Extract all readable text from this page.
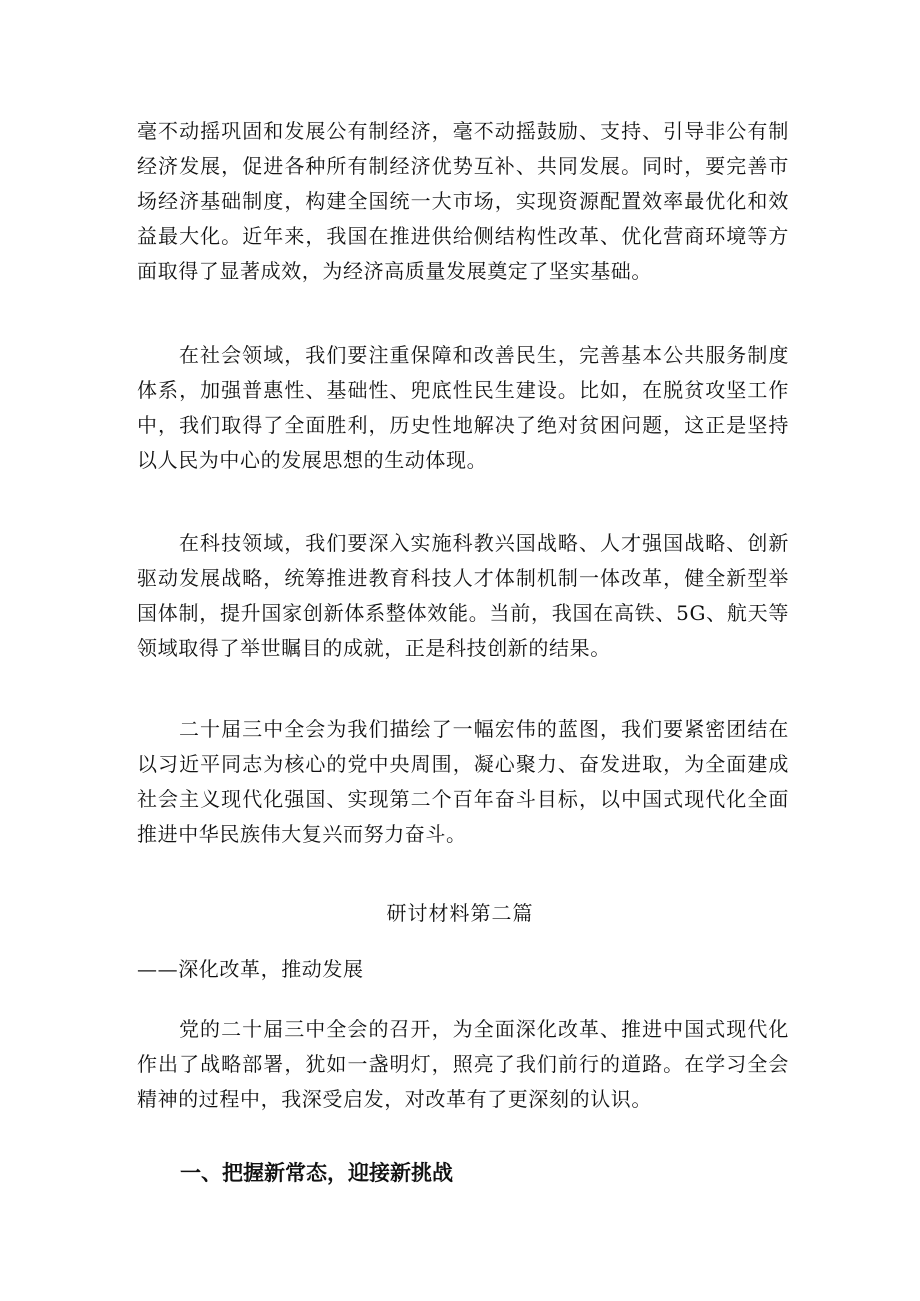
毫不动摇巩固和发展公有制经济，毫不动摇鼓励、支持、引导非公有制经济发展，促进各种所有制经济优势互补、共同发展。同时，要完善市场经济基础制度，构建全国统一大市场，实现资源配置效率最优化和效益最大化。近年来，我国在推进供给侧结构性改革、优化营商环境等方面取得了显著成效，为经济高质量发展奠定了坚实基础。

在社会领域，我们要注重保障和改善民生，完善基本公共服务制度体系，加强普惠性、基础性、兜底性民生建设。比如，在脱贫攻坚工作中，我们取得了全面胜利，历史性地解决了绝对贫困问题，这正是坚持以人民为中心的发展思想的生动体现。

在科技领域，我们要深入实施科教兴国战略、人才强国战略、创新驱动发展战略，统筹推进教育科技人才体制机制一体改革，健全新型举国体制，提升国家创新体系整体效能。当前，我国在高铁、5G、航天等领域取得了举世瞩目的成就，正是科技创新的结果。

二十届三中全会为我们描绘了一幅宏伟的蓝图，我们要紧密团结在以习近平同志为核心的党中央周围，凝心聚力、奋发进取，为全面建成社会主义现代化强国、实现第二个百年奋斗目标，以中国式现代化全面推进中华民族伟大复兴而努力奋斗。

研讨材料第二篇

——深化改革，推动发展

党的二十届三中全会的召开，为全面深化改革、推进中国式现代化作出了战略部署，犹如一盏明灯，照亮了我们前行的道路。在学习全会精神的过程中，我深受启发，对改革有了更深刻的认识。

一、把握新常态，迎接新挑战
